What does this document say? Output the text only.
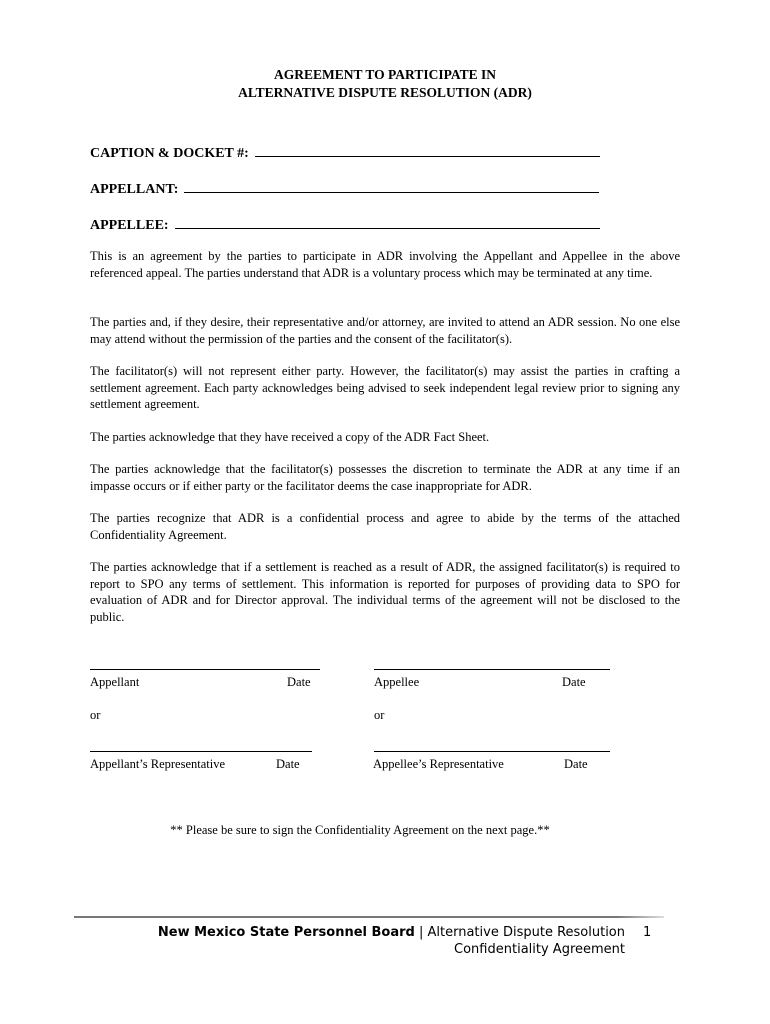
AGREEMENT TO PARTICIPATE IN
ALTERNATIVE DISPUTE RESOLUTION (ADR)
CAPTION & DOCKET #:
APPELLANT:
APPELLEE:
This is an agreement by the parties to participate in ADR involving the Appellant and Appellee in the above referenced appeal. The parties understand that ADR is a voluntary process which may be terminated at any time.
The parties and, if they desire, their representative and/or attorney, are invited to attend an ADR session. No one else may attend without the permission of the parties and the consent of the facilitator(s).
The facilitator(s) will not represent either party. However, the facilitator(s) may assist the parties in crafting a settlement agreement. Each party acknowledges being advised to seek independent legal review prior to signing any settlement agreement.
The parties acknowledge that they have received a copy of the ADR Fact Sheet.
The parties acknowledge that the facilitator(s) possesses the discretion to terminate the ADR at any time if an impasse occurs or if either party or the facilitator deems the case inappropriate for ADR.
The parties recognize that ADR is a confidential process and agree to abide by the terms of the attached Confidentiality Agreement.
The parties acknowledge that if a settlement is reached as a result of ADR, the assigned facilitator(s) is required to report to SPO any terms of settlement. This information is reported for purposes of providing data to SPO for evaluation of ADR and for Director approval. The individual terms of the agreement will not be disclosed to the public.
Appellant	Date	Appellee	Date
or	or
Appellant’s Representative	Date	Appellee’s Representative	Date
** Please be sure to sign the Confidentiality Agreement on the next page.**
New Mexico State Personnel Board | Alternative Dispute Resolution
Confidentiality Agreement
1
